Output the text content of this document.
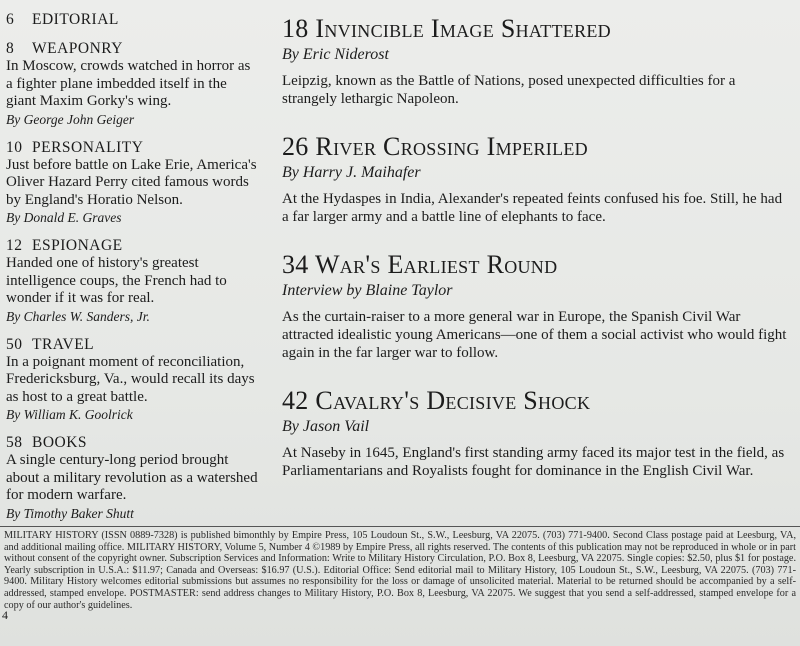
6 EDITORIAL
8 WEAPONRY
In Moscow, crowds watched in horror as a fighter plane imbedded itself in the giant Maxim Gorky's wing.
By George John Geiger
10 PERSONALITY
Just before battle on Lake Erie, America's Oliver Hazard Perry cited famous words by England's Horatio Nelson.
By Donald E. Graves
12 ESPIONAGE
Handed one of history's greatest intelligence coups, the French had to wonder if it was for real.
By Charles W. Sanders, Jr.
50 TRAVEL
In a poignant moment of reconciliation, Fredericksburg, Va., would recall its days as host to a great battle.
By William K. Goolrick
58 BOOKS
A single century-long period brought about a military revolution as a watershed for modern warfare.
By Timothy Baker Shutt
18 Invincible Image Shattered
By Eric Niderost
Leipzig, known as the Battle of Nations, posed unexpected difficulties for a strangely lethargic Napoleon.
26 River Crossing Imperiled
By Harry J. Maihafer
At the Hydaspes in India, Alexander's repeated feints confused his foe. Still, he had a far larger army and a battle line of elephants to face.
34 War's Earliest Round
Interview by Blaine Taylor
As the curtain-raiser to a more general war in Europe, the Spanish Civil War attracted idealistic young Americans—one of them a social activist who would fight again in the far larger war to follow.
42 Cavalry's Decisive Shock
By Jason Vail
At Naseby in 1645, England's first standing army faced its major test in the field, as Parliamentarians and Royalists fought for dominance in the English Civil War.
MILITARY HISTORY (ISSN 0889-7328) is published bimonthly by Empire Press, 105 Loudoun St., S.W., Leesburg, VA 22075. (703) 771-9400. Second Class postage paid at Leesburg, VA, and additional mailing office. MILITARY HISTORY, Volume 5, Number 4 ©1989 by Empire Press, all rights reserved. The contents of this publication may not be reproduced in whole or in part without consent of the copyright owner. Subscription Services and Information: Write to Military History Circulation, P.O. Box 8, Leesburg, VA 22075. Single copies: $2.50, plus $1 for postage. Yearly subscription in U.S.A.: $11.97; Canada and Overseas: $16.97 (U.S.). Editorial Office: Send editorial mail to Military History, 105 Loudoun St., S.W., Leesburg, VA 22075. (703) 771-9400. Military History welcomes editorial submissions but assumes no responsibility for the loss or damage of unsolicited material. Material to be returned should be accompanied by a self-addressed, stamped envelope. POSTMASTER: send address changes to Military History, P.O. Box 8, Leesburg, VA 22075. We suggest that you send a self-addressed, stamped envelope for a copy of our author's guidelines.
4
